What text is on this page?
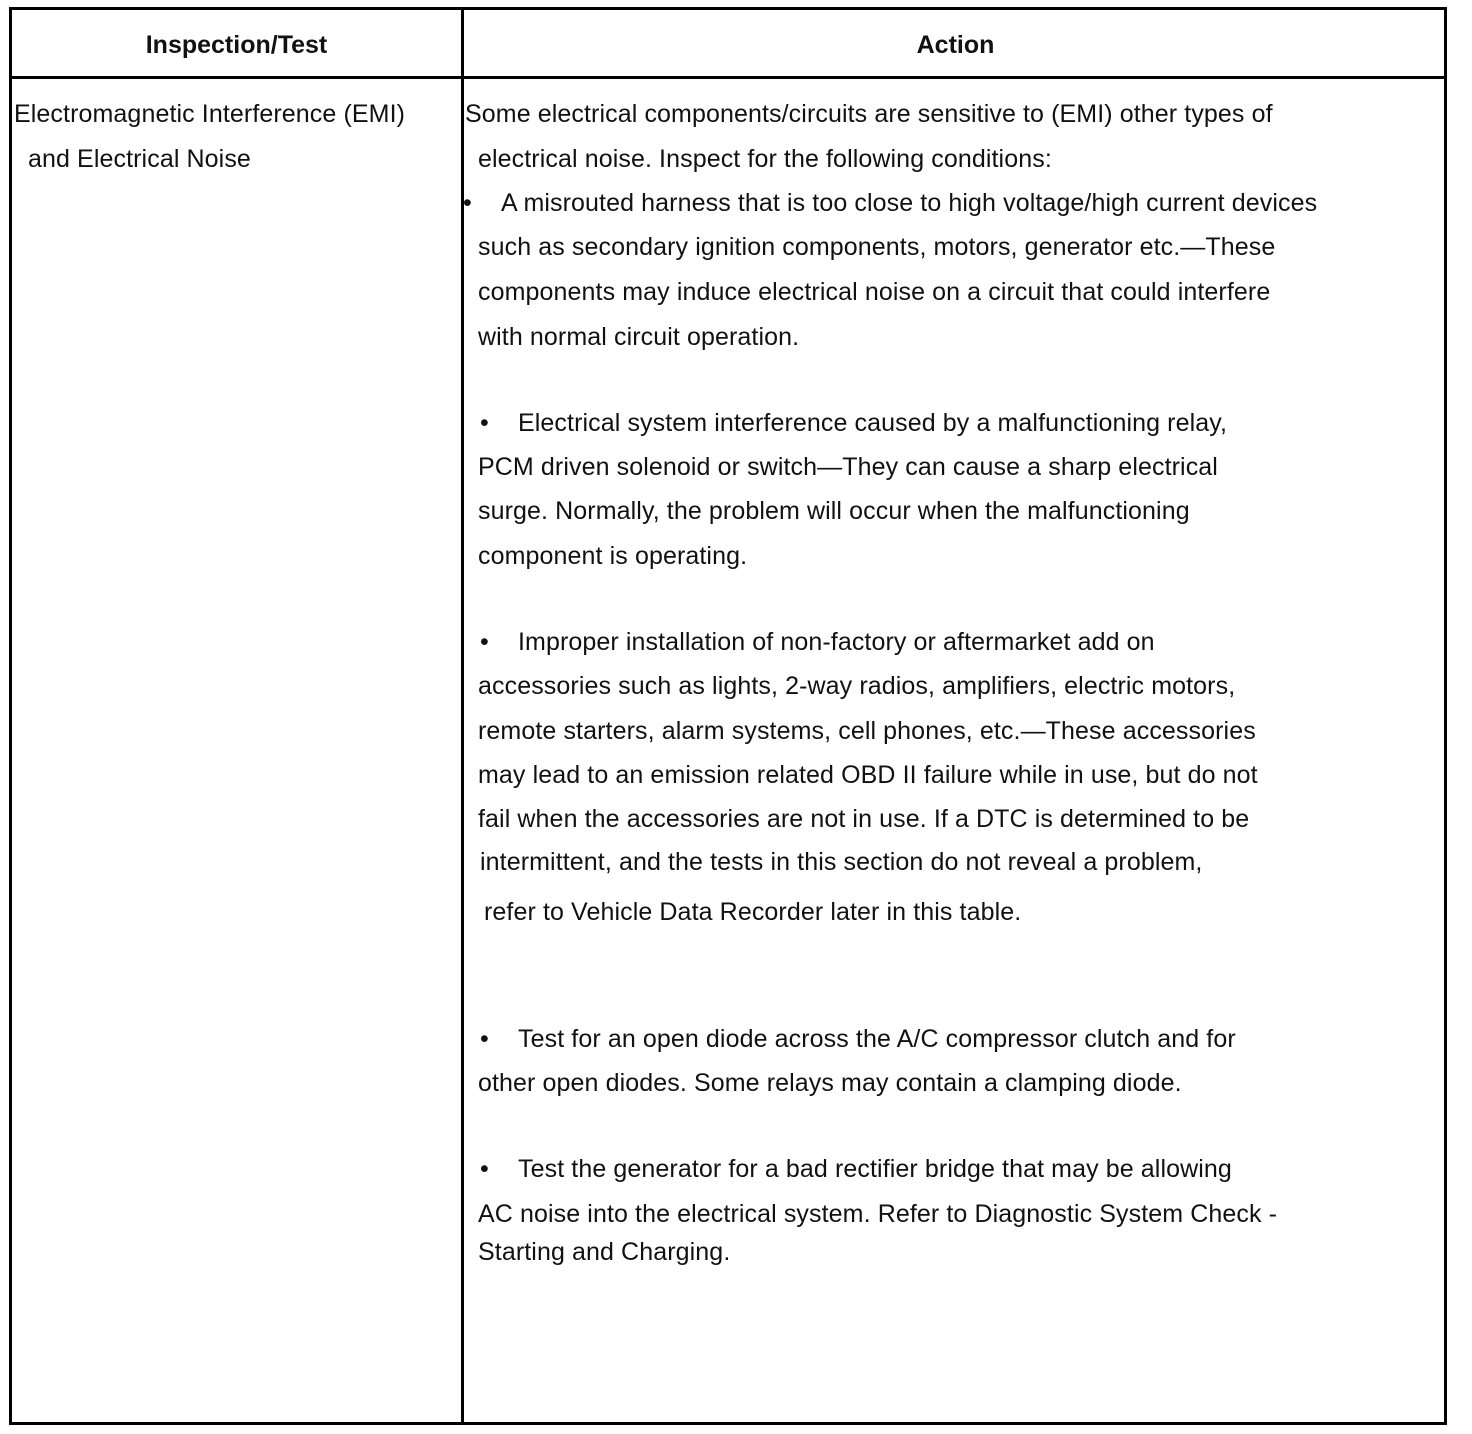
Inspection/Test	Action
Electromagnetic Interference (EMI)
and Electrical Noise
Some electrical components/circuits are sensitive to (EMI) other types of
electrical noise. Inspect for the following conditions:
• A misrouted harness that is too close to high voltage/high current devices
such as secondary ignition components, motors, generator etc.—These
components may induce electrical noise on a circuit that could interfere
with normal circuit operation.
• Electrical system interference caused by a malfunctioning relay,
PCM driven solenoid or switch—They can cause a sharp electrical
surge. Normally, the problem will occur when the malfunctioning
component is operating.
• Improper installation of non-factory or aftermarket add on
accessories such as lights, 2-way radios, amplifiers, electric motors,
remote starters, alarm systems, cell phones, etc.—These accessories
may lead to an emission related OBD II failure while in use, but do not
fail when the accessories are not in use. If a DTC is determined to be
intermittent, and the tests in this section do not reveal a problem,
refer to Vehicle Data Recorder later in this table.
• Test for an open diode across the A/C compressor clutch and for
other open diodes. Some relays may contain a clamping diode.
• Test the generator for a bad rectifier bridge that may be allowing
AC noise into the electrical system. Refer to Diagnostic System Check -
Starting and Charging.
